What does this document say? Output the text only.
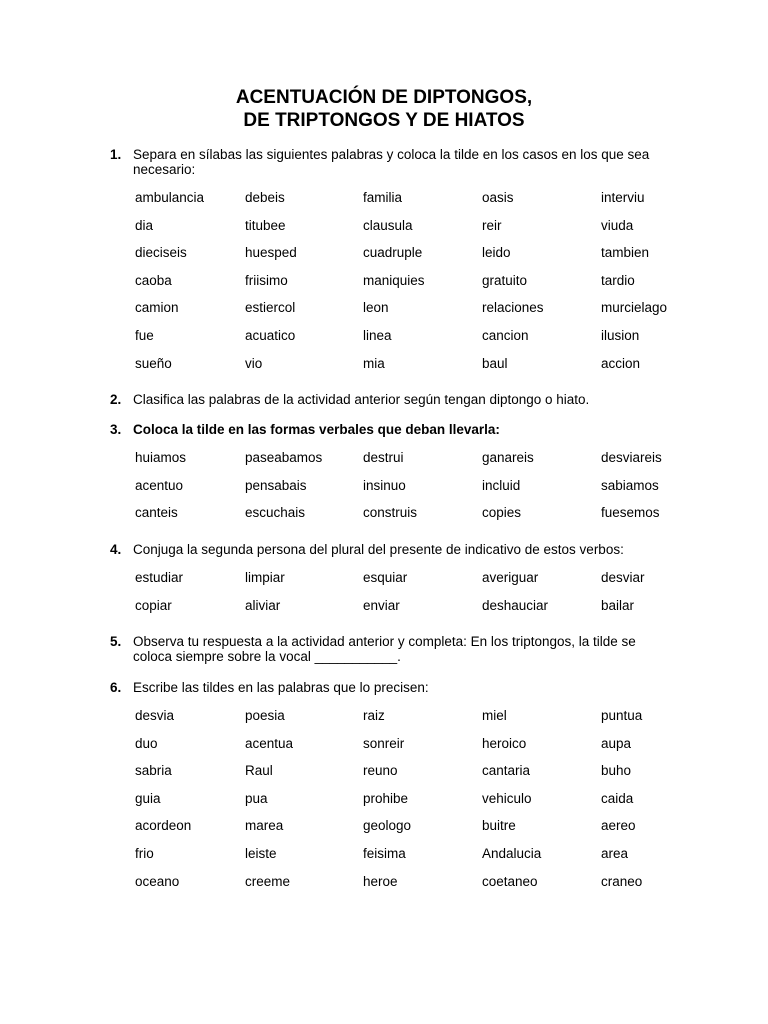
ACENTUACIÓN DE DIPTONGOS,
DE TRIPTONGOS Y DE HIATOS
1. Separa en sílabas las siguientes palabras y coloca la tilde en los casos en los que sea necesario:
ambulancia	debeis	familia	oasis	interviu
dia	titubee	clausula	reir	viuda
dieciseis	huesped	cuadruple	leido	tambien
caoba	friisimo	maniquies	gratuito	tardio
camion	estiercol	leon	relaciones	murcielago
fue	acuatico	linea	cancion	ilusion
sueño	vio	mia	baul	accion
2. Clasifica las palabras de la actividad anterior según tengan diptongo o hiato.
3. Coloca la tilde en las formas verbales que deban llevarla:
huiamos	paseabamos	destrui	ganareis	desviareis
acentuo	pensabais	insinuo	incluid	sabiamos
canteis	escuchais	construis	copies	fuesemos
4. Conjuga la segunda persona del plural del presente de indicativo de estos verbos:
estudiar	limpiar	esquiar	averiguar	desviar
copiar	aliviar	enviar	deshauciar	bailar
5. Observa tu respuesta a la actividad anterior y completa: En los triptongos, la tilde se coloca siempre sobre la vocal ___________.
6. Escribe las tildes en las palabras que lo precisen:
desvia	poesia	raiz	miel	puntua
duo	acentua	sonreir	heroico	aupa
sabria	Raul	reuno	cantaria	buho
guia	pua	prohibe	vehiculo	caida
acordeon	marea	geologo	buitre	aereo
frio	leiste	feisima	Andalucia	area
oceano	creeme	heroe	coetaneo	craneo
